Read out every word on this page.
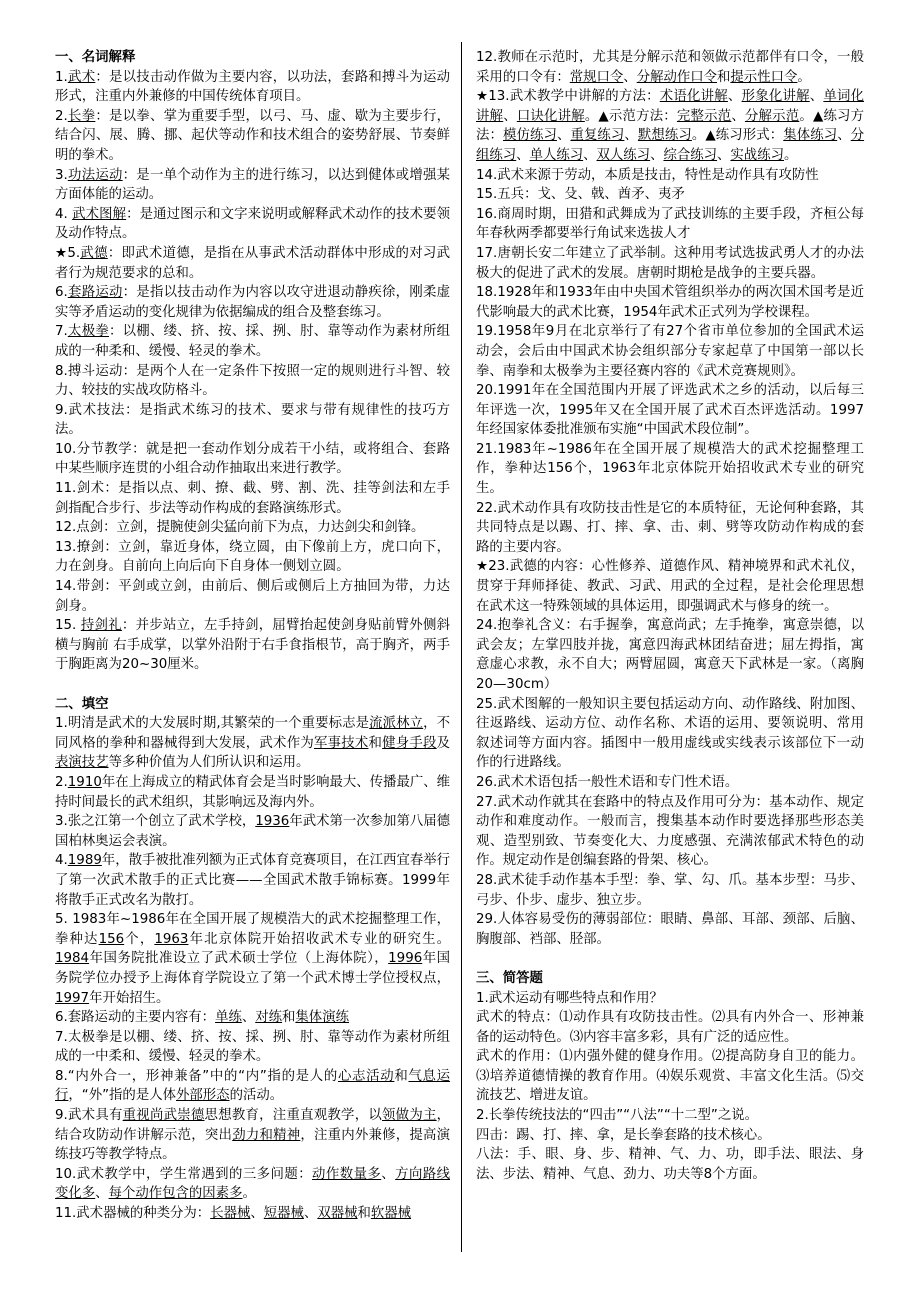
一、名词解释

1.武术：是以技击动作做为主要内容，以功法，套路和搏斗为运动形式，注重内外兼修的中国传统体育项目。

2.长拳：是以拳、掌为重要手型，以弓、马、虚、歇为主要步行，结合闪、展、腾、挪、起伏等动作和技术组合的姿势舒展、节奏鲜明的拳术。

3.功法运动：是一单个动作为主的进行练习，以达到健体或增强某方面体能的运动。

4. 武术图解：是通过图示和文字来说明或解释武术动作的技术要领及动作特点。

★5.武德：即武术道德，是指在从事武术活动群体中形成的对习武者行为规范要求的总和。

6.套路运动：是指以技击动作为内容以攻守进退动静疾徐，刚柔虚实等矛盾运动的变化规律为依据编成的组合及整套练习。

7.太极拳：以棚、缕、挤、按、採、挒、肘、靠等动作为素材所组成的一种柔和、缓慢、轻灵的拳术。

8.搏斗运动：是两个人在一定条件下按照一定的规则进行斗智、较力、较技的实战攻防格斗。

9.武术技法：是指武术练习的技术、要求与带有规律性的技巧方法。

10.分节教学：就是把一套动作划分成若干小结，或将组合、套路中某些顺序连贯的小组合动作抽取出来进行教学。

11.剑术：是指以点、刺、撩、截、劈、割、洗、挂等剑法和左手剑指配合步行、步法等动作构成的套路演练形式。

12.点剑：立剑，提腕使剑尖猛向前下为点，力达剑尖和剑锋。

13.撩剑：立剑，靠近身体，绕立圆，由下像前上方，虎口向下，力在剑身。自前向上向后向下自身体一侧划立圆。

14.带剑：平剑或立剑，由前后、侧后或侧后上方抽回为带，力达剑身。

15. 持剑礼：并步站立，左手持剑，屈臂抬起使剑身贴前臂外侧斜横与胸前 右手成掌，以掌外沿附于右手食指根节，高于胸齐，两手于胸距离为20~30厘米。

二、填空

1.明清是武术的大发展时期,其繁荣的一个重要标志是流派林立，不同风格的拳种和器械得到大发展，武术作为军事技术和健身手段及表演技艺等多种价值为人们所认识和运用。

2.1910年在上海成立的精武体育会是当时影响最大、传播最广、维持时间最长的武术组织，其影响远及海内外。

3.张之江第一个创立了武术学校，1936年武术第一次参加第八届德国柏林奥运会表演。

4.1989年，散手被批准列额为正式体育竞赛项目，在江西宜春举行了第一次武术散手的正式比赛——全国武术散手锦标赛。1999年将散手正式改名为散打。

5. 1983年~1986年在全国开展了规模浩大的武术挖掘整理工作，拳种达156个，1963年北京体院开始招收武术专业的研究生。1984年国务院批准设立了武术硕士学位（上海体院），1996年国务院学位办授予上海体育学院设立了第一个武术博士学位授权点，1997年开始招生。

6.套路运动的主要内容有：单练、对练和集体演练

7.太极拳是以棚、缕、挤、按、採、挒、肘、靠等动作为素材所组成的一中柔和、缓慢、轻灵的拳术。

8.“内外合一，形神兼备”中的“内”指的是人的心志活动和气息运行，“外”指的是人体外部形态的活动。

9.武术具有重视尚武崇德思想教育，注重直观教学，以领做为主，结合攻防动作讲解示范，突出劲力和精神，注重内外兼修，提高演练技巧等教学特点。

10.武术教学中，学生常遇到的三多问题：动作数量多、方向路线变化多、每个动作包含的因素多。

11.武术器械的种类分为：长器械、短器械、双器械和软器械

12.教师在示范时，尤其是分解示范和领做示范都伴有口令，一般采用的口令有：常规口令、分解动作口令和提示性口令。

★13.武术教学中讲解的方法：术语化讲解、形象化讲解、单词化讲解、口诀化讲解。▲示范方法：完整示范、分解示范。▲练习方法：模仿练习、重复练习、默想练习。▲练习形式：集体练习、分组练习、单人练习、双人练习、综合练习、实战练习。

14.武术来源于劳动，本质是技击，特性是动作具有攻防性

15.五兵：戈、殳、戟、酋矛、夷矛

16.商周时期，田猎和武舞成为了武技训练的主要手段，齐桓公每年春秋两季都要举行角试来选拔人才

17.唐朝长安二年建立了武举制。这种用考试选拔武勇人才的办法极大的促进了武术的发展。唐朝时期枪是战争的主要兵器。

18.1928年和1933年由中央国术管组织举办的两次国术国考是近代影响最大的武术比赛，1954年武术正式列为学校课程。

19.1958年9月在北京举行了有27个省市单位参加的全国武术运动会，会后由中国武术协会组织部分专家起草了中国第一部以长拳、南拳和太极拳为主要径赛内容的《武术竞赛规则》。

20.1991年在全国范围内开展了评选武术之乡的活动，以后每三年评选一次，1995年又在全国开展了武术百杰评选活动。1997年经国家体委批准颁布实施“中国武术段位制”。

21.1983年~1986年在全国开展了规模浩大的武术挖掘整理工作，拳种达156个，1963年北京体院开始招收武术专业的研究生。

22.武术动作具有攻防技击性是它的本质特征，无论何种套路，其共同特点是以踢、打、摔、拿、击、刺、劈等攻防动作构成的套路的主要内容。

★23.武德的内容：心性修养、道德作风、精神境界和武术礼仪，贯穿于拜师择徒、教武、习武、用武的全过程，是社会伦理思想在武术这一特殊领域的具体运用，即强调武术与修身的统一。

24.抱拳礼含义：右手握拳，寓意尚武；左手掩拳，寓意崇德，以武会友；左掌四肢并拢，寓意四海武林团结奋进；屈左拇指，寓意虚心求教，永不自大；两臂屈圆，寓意天下武林是一家。（离胸20—30cm）

25.武术图解的一般知识主要包括运动方向、动作路线、附加图、往返路线、运动方位、动作名称、术语的运用、要领说明、常用叙述词等方面内容。插图中一般用虚线或实线表示该部位下一动作的行进路线。

26.武术术语包括一般性术语和专门性术语。

27.武术动作就其在套路中的特点及作用可分为：基本动作、规定动作和难度动作。一般而言，搜集基本动作时要选择那些形态美观、造型别致、节奏变化大、力度感强、充满浓郁武术特色的动作。规定动作是创编套路的骨架、核心。

28.武术徒手动作基本手型：拳、掌、勾、爪。基本步型：马步、弓步、仆步、虚步、独立步。

29.人体容易受伤的薄弱部位：眼睛、鼻部、耳部、颈部、后脑、胸腹部、裆部、胫部。

三、简答题

1.武术运动有哪些特点和作用？

武术的特点：⑴动作具有攻防技击性。⑵具有内外合一、形神兼备的运动特色。⑶内容丰富多彩，具有广泛的适应性。

武术的作用：⑴内强外健的健身作用。⑵提高防身自卫的能力。⑶培养道德情操的教育作用。⑷娱乐观赏、丰富文化生活。⑸交流技艺、增进友谊。

2.长拳传统技法的“四击”“八法”“十二型”之说。

四击：踢、打、摔、拿，是长拳套路的技术核心。

八法：手、眼、身、步、精神、气、力、功，即手法、眼法、身法、步法、精神、气息、劲力、功夫等8个方面。
